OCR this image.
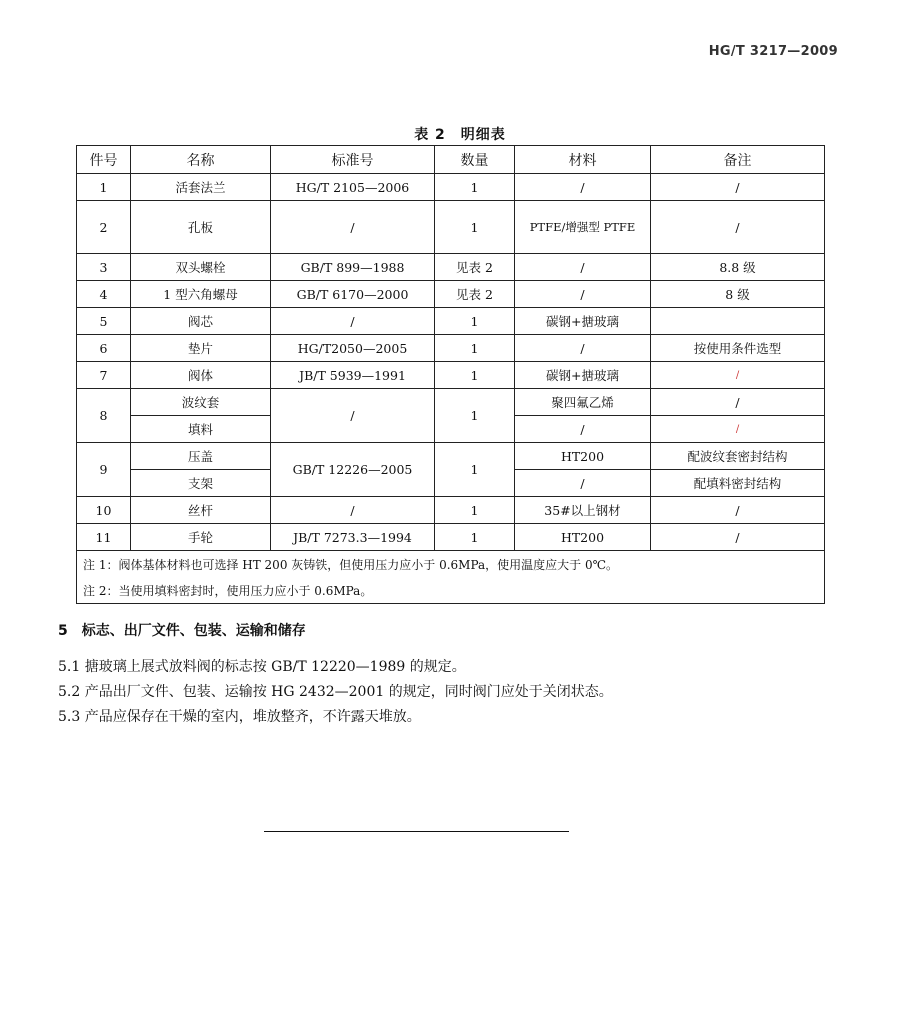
HG/T 3217—2009
表 2　明细表
件号	名称	标准号	数量	材料	备注
1	活套法兰	HG/T 2105—2006	1	/	/
2	孔板	/	1	PTFE/增强型 PTFE	/
3	双头螺栓	GB/T 899—1988	见表 2	/	8.8 级
4	1 型六角螺母	GB/T 6170—2000	见表 2	/	8 级
5	阀芯	/	1	碳钢+搪玻璃	
6	垫片	HG/T2050—2005	1	/	按使用条件选型
7	阀体	JB/T 5939—1991	1	碳钢+搪玻璃	/
8	波纹套	/	1	聚四氟乙烯	/
	填料			/	/
9	压盖	GB/T 12226—2005	1	HT200	配波纹套密封结构
	支架			/	配填料密封结构
10	丝杆	/	1	35#以上钢材	/
11	手轮	JB/T 7273.3—1994	1	HT200	/
注 1：阀体基体材料也可选择 HT 200 灰铸铁，但使用压力应小于 0.6MPa，使用温度应大于 0℃。					
注 2：当使用填料密封时，使用压力应小于 0.6MPa。					
5　标志、出厂文件、包装、运输和储存
5.1 搪玻璃上展式放料阀的标志按 GB/T 12220—1989 的规定。
5.2 产品出厂文件、包装、运输按 HG 2432—2001 的规定，同时阀门应处于关闭状态。
5.3 产品应保存在干燥的室内，堆放整齐，不许露天堆放。
